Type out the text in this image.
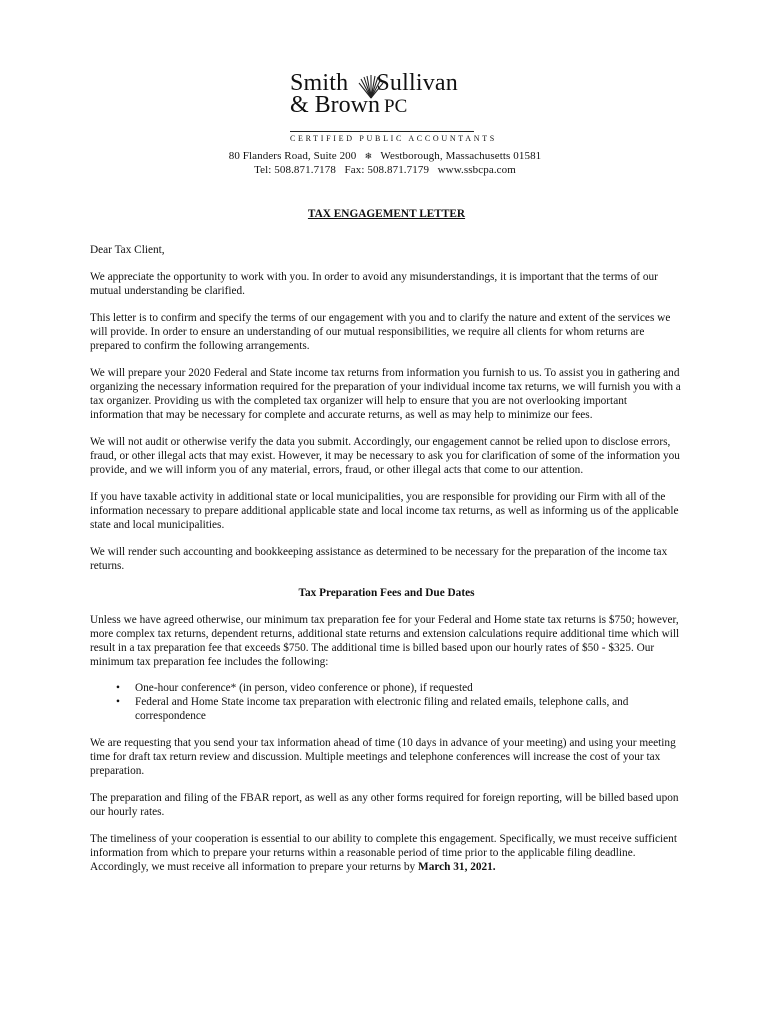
Smith Sullivan
& Brown PC
CERTIFIED PUBLIC ACCOUNTANTS
80 Flanders Road, Suite 200 ❄ Westborough, Massachusetts 01581
Tel: 508.871.7178 Fax: 508.871.7179 www.ssbcpa.com
TAX ENGAGEMENT LETTER

Dear Tax Client,

We appreciate the opportunity to work with you. In order to avoid any misunderstandings, it is important that the terms of our mutual understanding be clarified.

This letter is to confirm and specify the terms of our engagement with you and to clarify the nature and extent of the services we will provide. In order to ensure an understanding of our mutual responsibilities, we require all clients for whom returns are prepared to confirm the following arrangements.

We will prepare your 2020 Federal and State income tax returns from information you furnish to us. To assist you in gathering and organizing the necessary information required for the preparation of your individual income tax returns, we will furnish you with a tax organizer. Providing us with the completed tax organizer will help to ensure that you are not overlooking important information that may be necessary for complete and accurate returns, as well as may help to minimize our fees.

We will not audit or otherwise verify the data you submit. Accordingly, our engagement cannot be relied upon to disclose errors, fraud, or other illegal acts that may exist. However, it may be necessary to ask you for clarification of some of the information you provide, and we will inform you of any material, errors, fraud, or other illegal acts that come to our attention.

If you have taxable activity in additional state or local municipalities, you are responsible for providing our Firm with all of the information necessary to prepare additional applicable state and local income tax returns, as well as informing us of the applicable state and local municipalities.

We will render such accounting and bookkeeping assistance as determined to be necessary for the preparation of the income tax returns.

Tax Preparation Fees and Due Dates

Unless we have agreed otherwise, our minimum tax preparation fee for your Federal and Home state tax returns is $750; however, more complex tax returns, dependent returns, additional state returns and extension calculations require additional time which will result in a tax preparation fee that exceeds $750. The additional time is billed based upon our hourly rates of $50 - $325. Our minimum tax preparation fee includes the following:

• One-hour conference* (in person, video conference or phone), if requested
• Federal and Home State income tax preparation with electronic filing and related emails, telephone calls, and correspondence

We are requesting that you send your tax information ahead of time (10 days in advance of your meeting) and using your meeting time for draft tax return review and discussion. Multiple meetings and telephone conferences will increase the cost of your tax preparation.

The preparation and filing of the FBAR report, as well as any other forms required for foreign reporting, will be billed based upon our hourly rates.

The timeliness of your cooperation is essential to our ability to complete this engagement. Specifically, we must receive sufficient information from which to prepare your returns within a reasonable period of time prior to the applicable filing deadline. Accordingly, we must receive all information to prepare your returns by March 31, 2021.
